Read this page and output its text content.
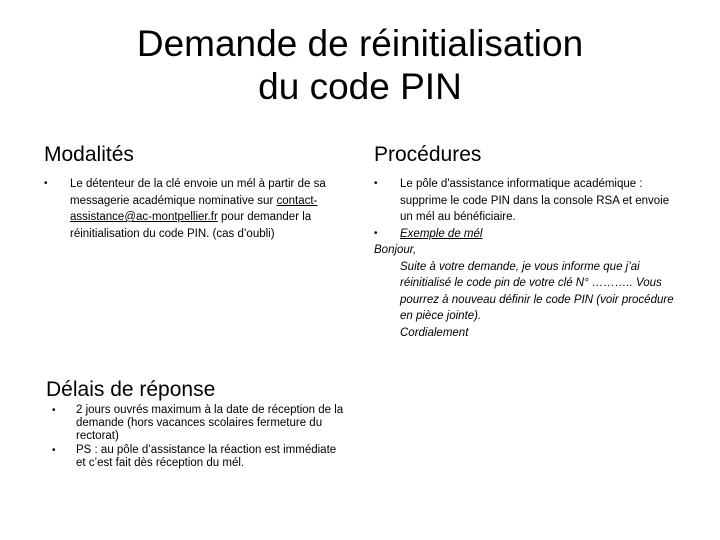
Demande de réinitialisation
du code PIN
Modalités
• Le détenteur de la clé envoie un mél à partir de sa messagerie académique nominative sur contact-assistance@ac-montpellier.fr pour demander la réinitialisation du code PIN. (cas d’oubli)
Procédures
• Le pôle d'assistance informatique académique : supprime le code PIN dans la console RSA et envoie un mél au bénéficiaire.
• Exemple de mél
Bonjour,
Suite à votre demande, je vous informe que j’ai réinitialisé le code pin de votre clé N° ……….. Vous pourrez à nouveau définir le code PIN (voir procédure en pièce jointe).
Cordialement
Délais de réponse
• 2 jours ouvrés maximum à la date de réception de la demande (hors vacances scolaires fermeture du rectorat)
• PS : au pôle d’assistance la réaction est immédiate et c’est fait dès réception du mél.
